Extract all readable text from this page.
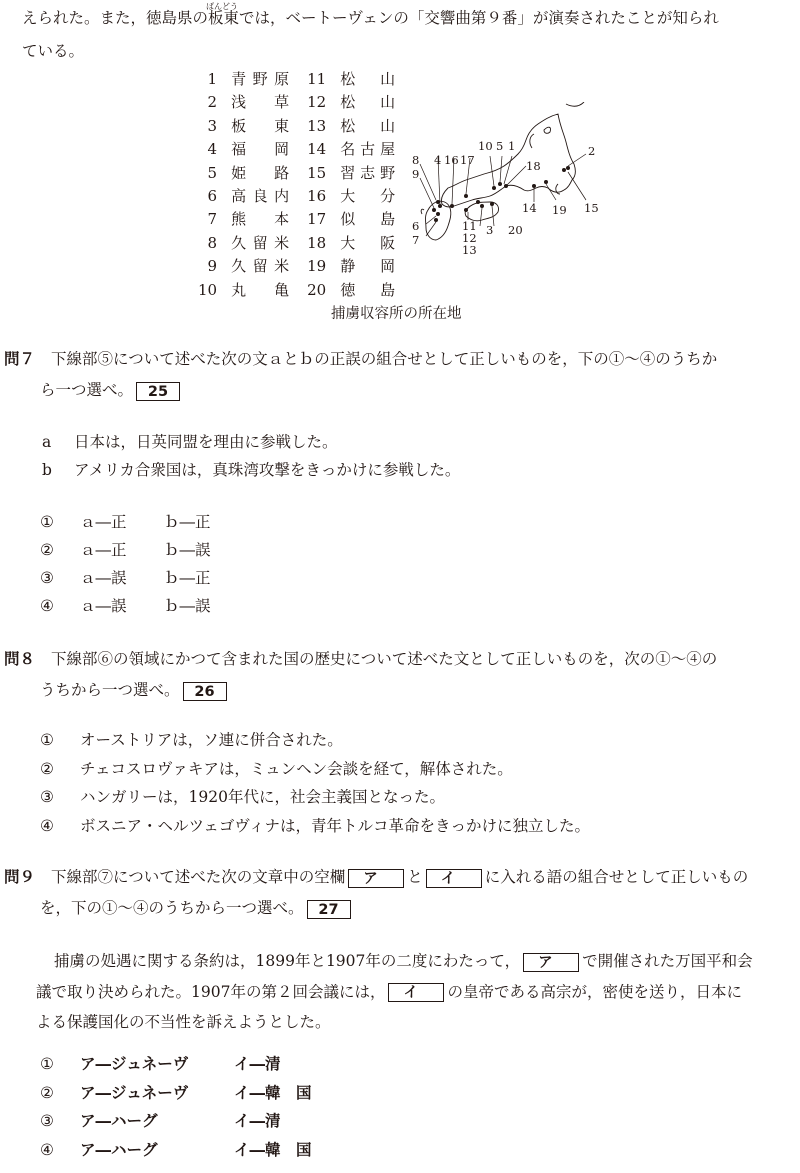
えられた。また，徳島県の
ばんどう
板東では，ベートーヴェンの「交響曲第９番」が演奏されたことが知られ
ている。
1	青野原	11	松山
2	浅草	12	松山
3	板東	13	松山
4	福岡	14	名古屋
5	姫路	15	習志野
6	高良内	16	大分
7	熊本	17	似島
8	久留米	18	大阪
9	久留米	19	静岡
10	丸亀	20	徳島
10 5 1	2
8 4 16 17	18
9
14 19 15
3 20
11
12
13
6
7
捕虜収容所の所在地
問７ 下線部⑤について述べた次の文ａとｂの正誤の組合せとして正しいものを，下の①～④のうちか
ら一つ選べ。 25
a 日本は，日英同盟を理由に参戦した。
b アメリカ合衆国は，真珠湾攻撃をきっかけに参戦した。
① ａ―正 ｂ―正
② ａ―正 ｂ―誤
③ ａ―誤 ｂ―正
④ ａ―誤 ｂ―誤
問８ 下線部⑥の領域にかつて含まれた国の歴史について述べた文として正しいものを，次の①～④の
うちから一つ選べ。 26
① オーストリアは，ソ連に併合された。
② チェコスロヴァキアは，ミュンヘン会談を経て，解体された。
③ ハンガリーは，1920年代に，社会主義国となった。
④ ボスニア・ヘルツェゴヴィナは，青年トルコ革命をきっかけに独立した。
問９ 下線部⑦について述べた次の文章中の空欄 ア と イ に入れる語の組合せとして正しいもの
を，下の①～④のうちから一つ選べ。 27
捕虜の処遇に関する条約は，1899年と1907年の二度にわたって， ア で開催された万国平和会
議で取り決められた。1907年の第２回会議には， イ の皇帝である高宗が，密使を送り，日本に
よる保護国化の不当性を訴えようとした。
① ア―ジュネーヴ	イ―清
② ア―ジュネーヴ	イ―韓　国
③ ア―ハーグ	イ―清
④ ア―ハーグ	イ―韓　国
